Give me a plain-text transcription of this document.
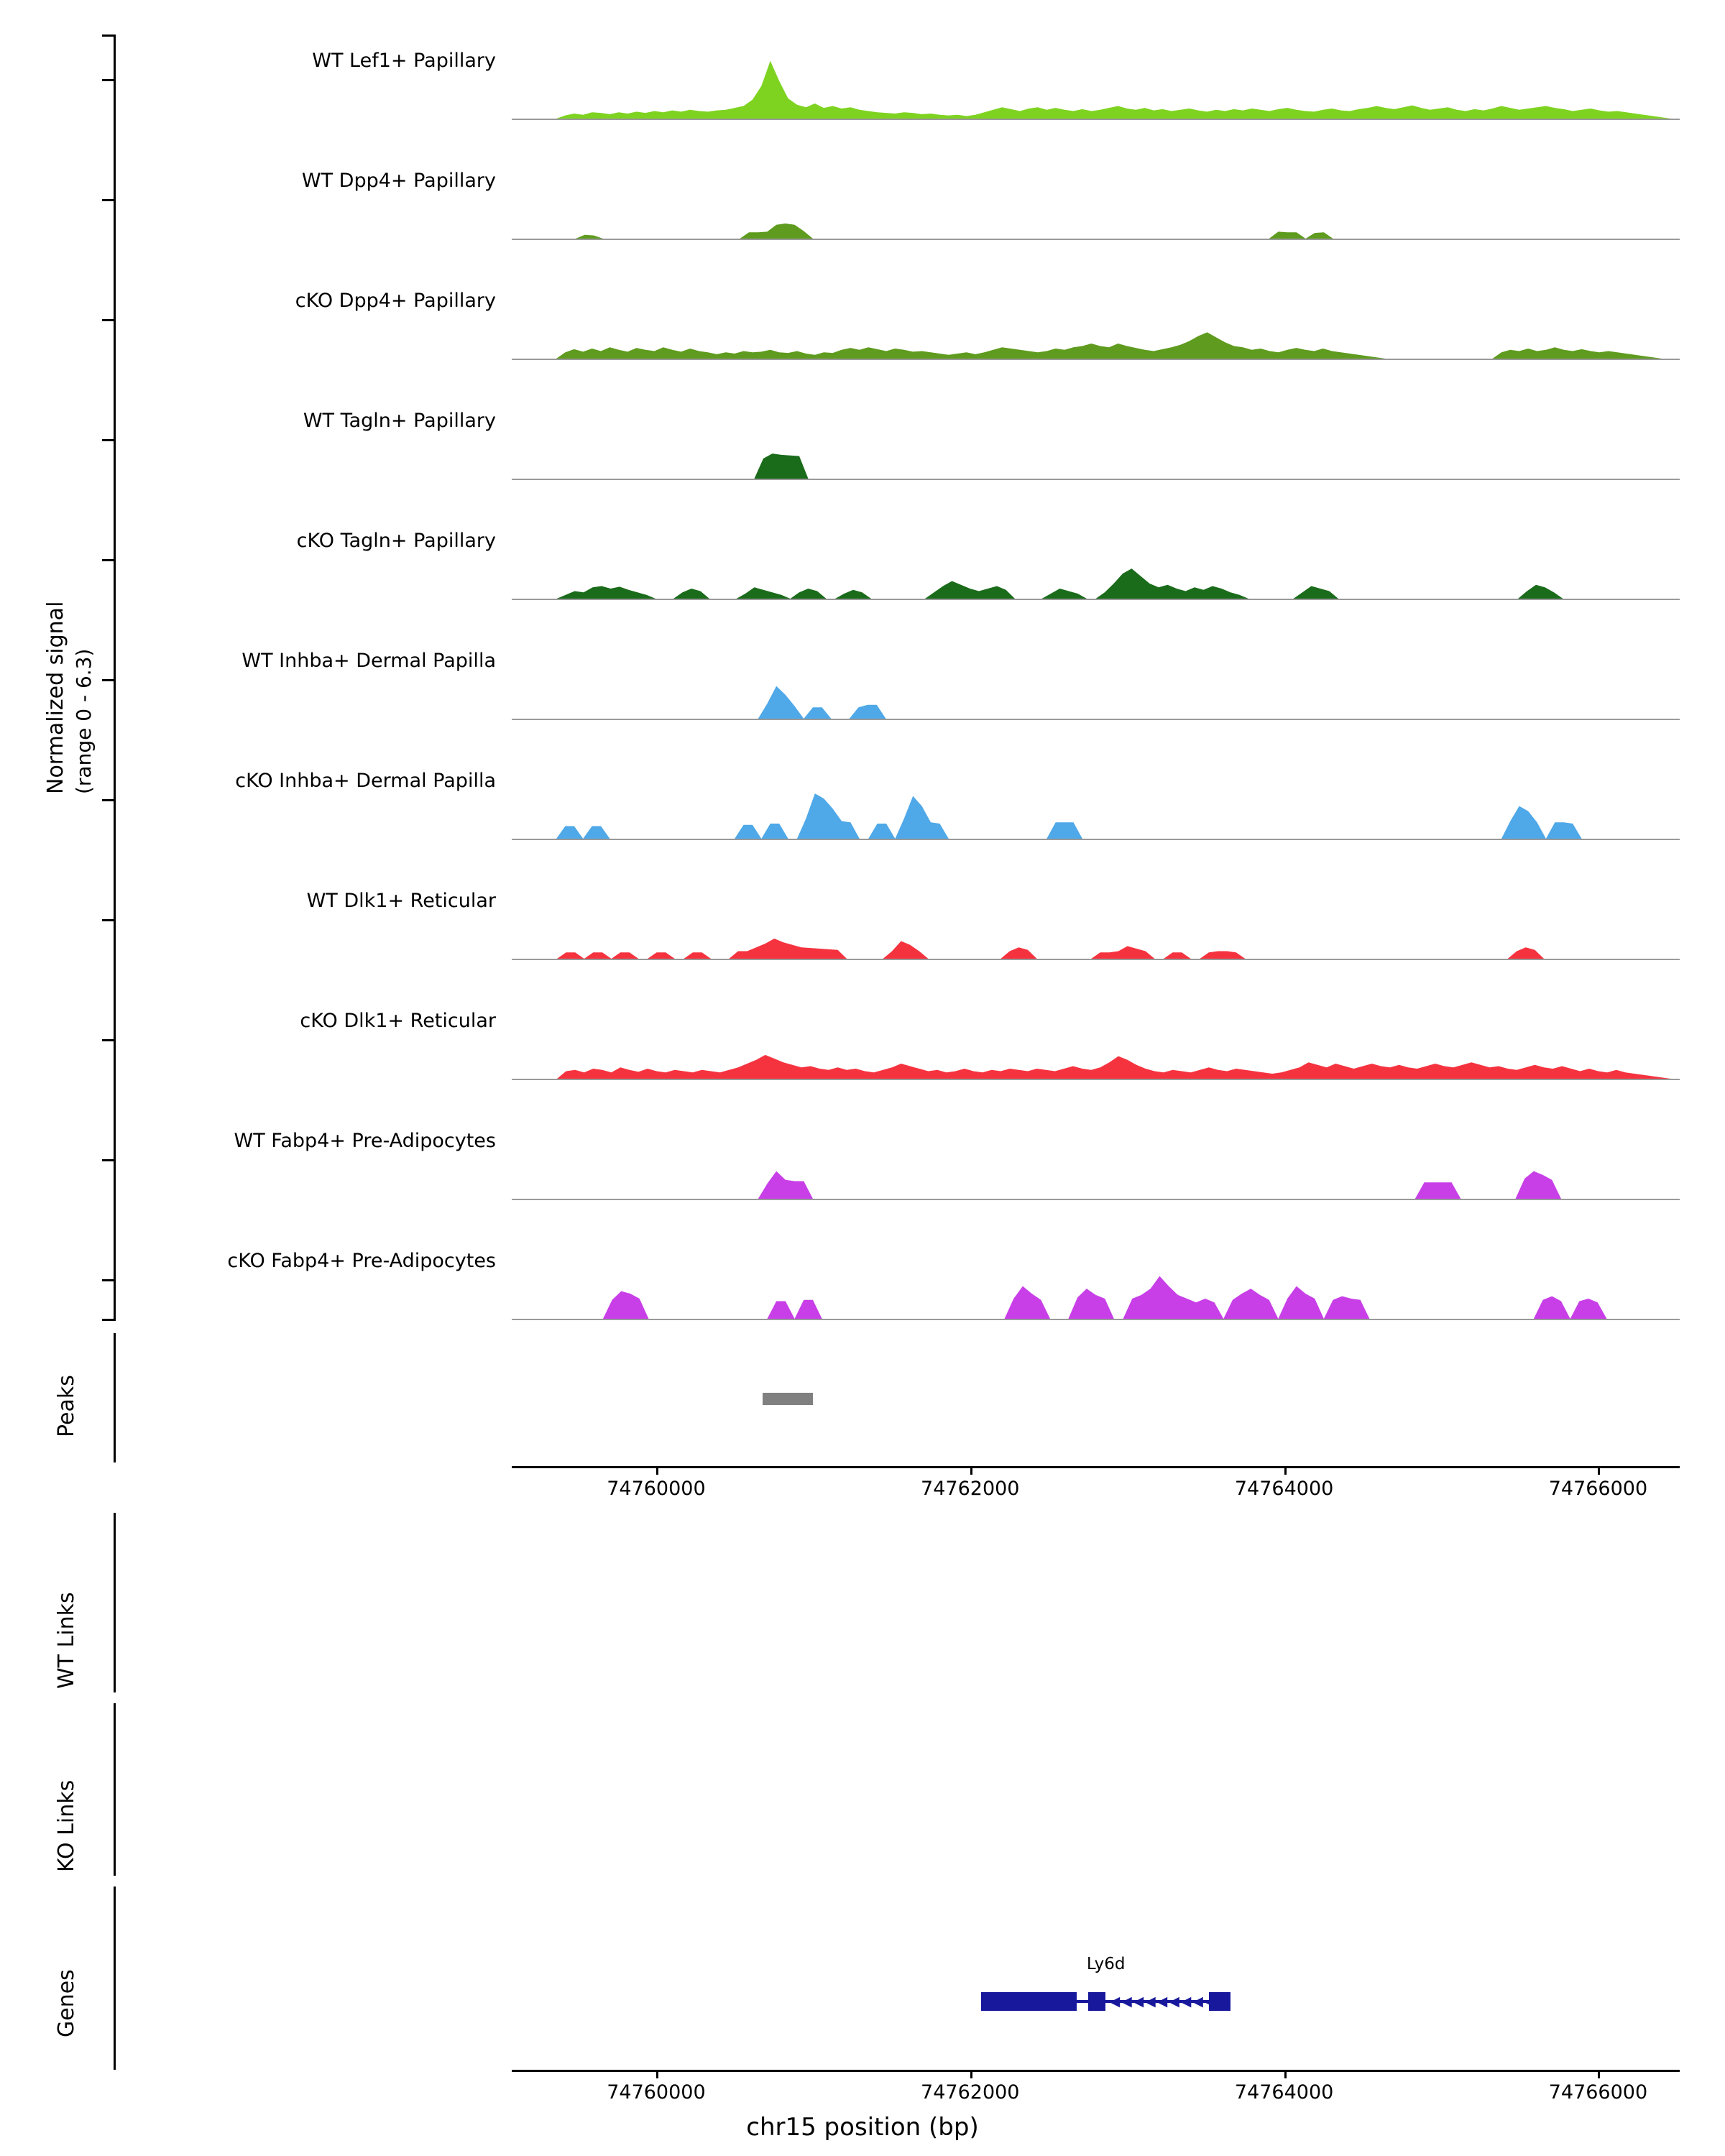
Normalized signal (range 0 - 6.3)
Peaks
WT Links
KO Links
Genes
WT Lef1+ Papillary
WT Dpp4+ Papillary
cKO Dpp4+ Papillary
WT Tagln+ Papillary
cKO Tagln+ Papillary
WT Inhba+ Dermal Papilla
cKO Inhba+ Dermal Papilla
WT Dlk1+ Reticular
cKO Dlk1+ Reticular
WT Fabp4+ Pre-Adipocytes
cKO Fabp4+ Pre-Adipocytes
74760000	74762000	74764000	74766000
Ly6d
◀ ◀ ◀ ◀ ◀ ◀ ◀ ◀ ◀
74760000	74762000	74764000	74766000
chr15 position (bp)
